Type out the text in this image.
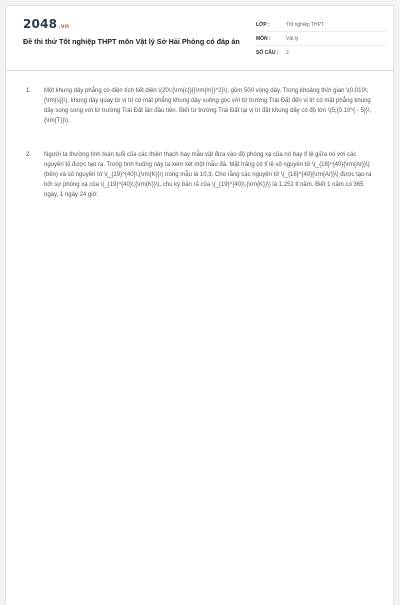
2048.vn
Đề thi thử Tốt nghiệp THPT môn Vật lý Sở Hải Phòng có đáp án
LỚP :	Tốt nghiệp THPT
MÔN :	Vật lý
SỐ CÂU :	2
1.	Một khung dây phẳng có diện tích tiết diện \(20\;{\rm{c}}{{\rm{m}}^2}\), gồm 500 vòng dây. Trong khoảng thời gian \(0,010\;{\rm{s}}\), khung dây quay từ vị trí có mặt phẳng khung dây vuông góc với từ trường Trái Đất đến vị trí có mặt phẳng khung dây song song với từ trường Trái Đất lần đầu tiên. Biết từ trường Trái Đất tại vị trí đặt khung dây có độ lớn \(5,{0.10^{ - 5}}\;{\rm{T}}\).
2.	Người ta thường tính toán tuổi của các thiên thạch hay mẫu vật đưa vào độ phóng xạ của nó hay tỉ lệ giữa nó với các nguyên tố được tạo ra. Trong tình huống này ta xem xét một mẫu đá. Mặt trăng có tỉ lệ số nguyên tử \(_{18}^{40}{\rm{Ar}}\) (bền) và số nguyên tử \(_{19}^{40}\;{\rm{K}}\) trong mẫu là 10,3. Cho rằng các nguyên tử \(_{18}^{40}{\rm{Ar}}\) được tạo ra bởi sự phóng xạ của \(_{19}^{40}\;{\rm{K}}\), chu kỳ bán rã của \(_{19}^{40}\;{\rm{K}}\) là 1,251 tỉ năm. Biết 1 năm có 365 ngày, 1 ngày 24 giờ.
